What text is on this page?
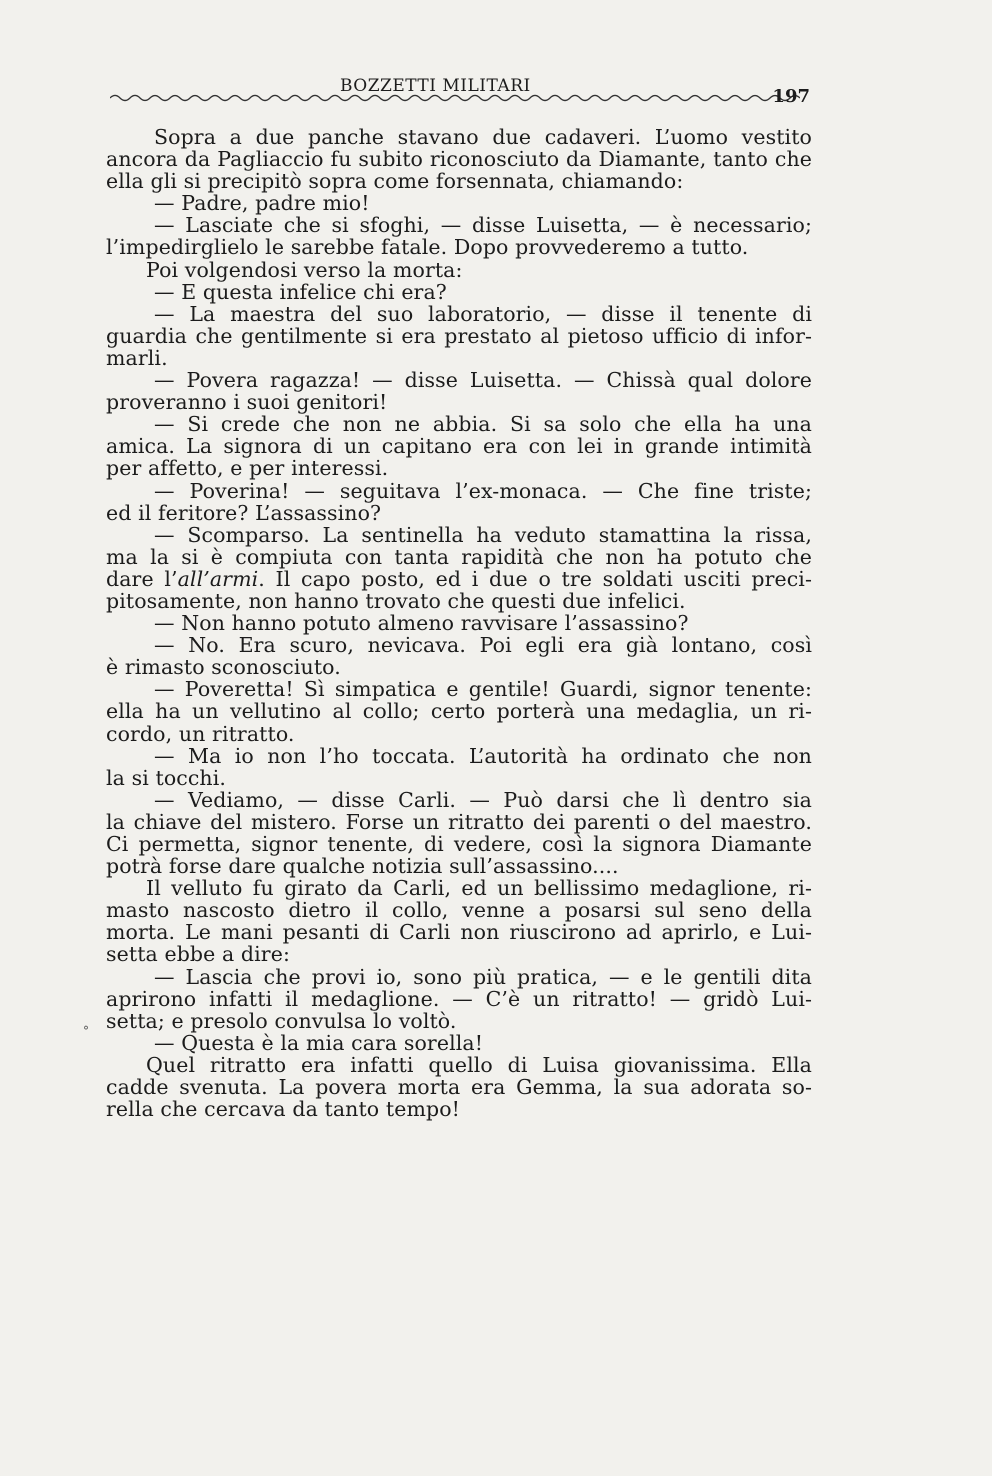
BOZZETTI MILITARI	197
°
Sopra a due panche stavano due cadaveri. L’uomo vestito
ancora da Pagliaccio fu subito riconosciuto da Diamante, tanto che
ella gli si precipitò sopra come forsennata, chiamando:
— Padre, padre mio!
— Lasciate che si sfoghi, — disse Luisetta, — è necessario;
l’impedirglielo le sarebbe fatale. Dopo provvederemo a tutto.
Poi volgendosi verso la morta:
— E questa infelice chi era?
— La maestra del suo laboratorio, — disse il tenente di
guardia che gentilmente si era prestato al pietoso ufficio di infor-
marli.
— Povera ragazza! — disse Luisetta. — Chissà qual dolore
proveranno i suoi genitori!
— Si crede che non ne abbia. Si sa solo che ella ha una
amica. La signora di un capitano era con lei in grande intimità
per affetto, e per interessi.
— Poverina! — seguitava l’ex-monaca. — Che fine triste;
ed il feritore? L’assassino?
— Scomparso. La sentinella ha veduto stamattina la rissa,
ma la si è compiuta con tanta rapidità che non ha potuto che
dare l’all’armi. Il capo posto, ed i due o tre soldati usciti preci-
pitosamente, non hanno trovato che questi due infelici.
— Non hanno potuto almeno ravvisare l’assassino?
— No. Era scuro, nevicava. Poi egli era già lontano, così
è rimasto sconosciuto.
— Poveretta! Sì simpatica e gentile! Guardi, signor tenente:
ella ha un vellutino al collo; certo porterà una medaglia, un ri-
cordo, un ritratto.
— Ma io non l’ho toccata. L’autorità ha ordinato che non
la si tocchi.
— Vediamo, — disse Carli. — Può darsi che lì dentro sia
la chiave del mistero. Forse un ritratto dei parenti o del maestro.
Ci permetta, signor tenente, di vedere, così la signora Diamante
potrà forse dare qualche notizia sull’assassino....
Il velluto fu girato da Carli, ed un bellissimo medaglione, ri-
masto nascosto dietro il collo, venne a posarsi sul seno della
morta. Le mani pesanti di Carli non riuscirono ad aprirlo, e Lui-
setta ebbe a dire:
— Lascia che provi io, sono più pratica, — e le gentili dita
aprirono infatti il medaglione. — C’è un ritratto! — gridò Lui-
setta; e presolo convulsa lo voltò.
— Questa è la mia cara sorella!
Quel ritratto era infatti quello di Luisa giovanissima. Ella
cadde svenuta. La povera morta era Gemma, la sua adorata so-
rella che cercava da tanto tempo!
